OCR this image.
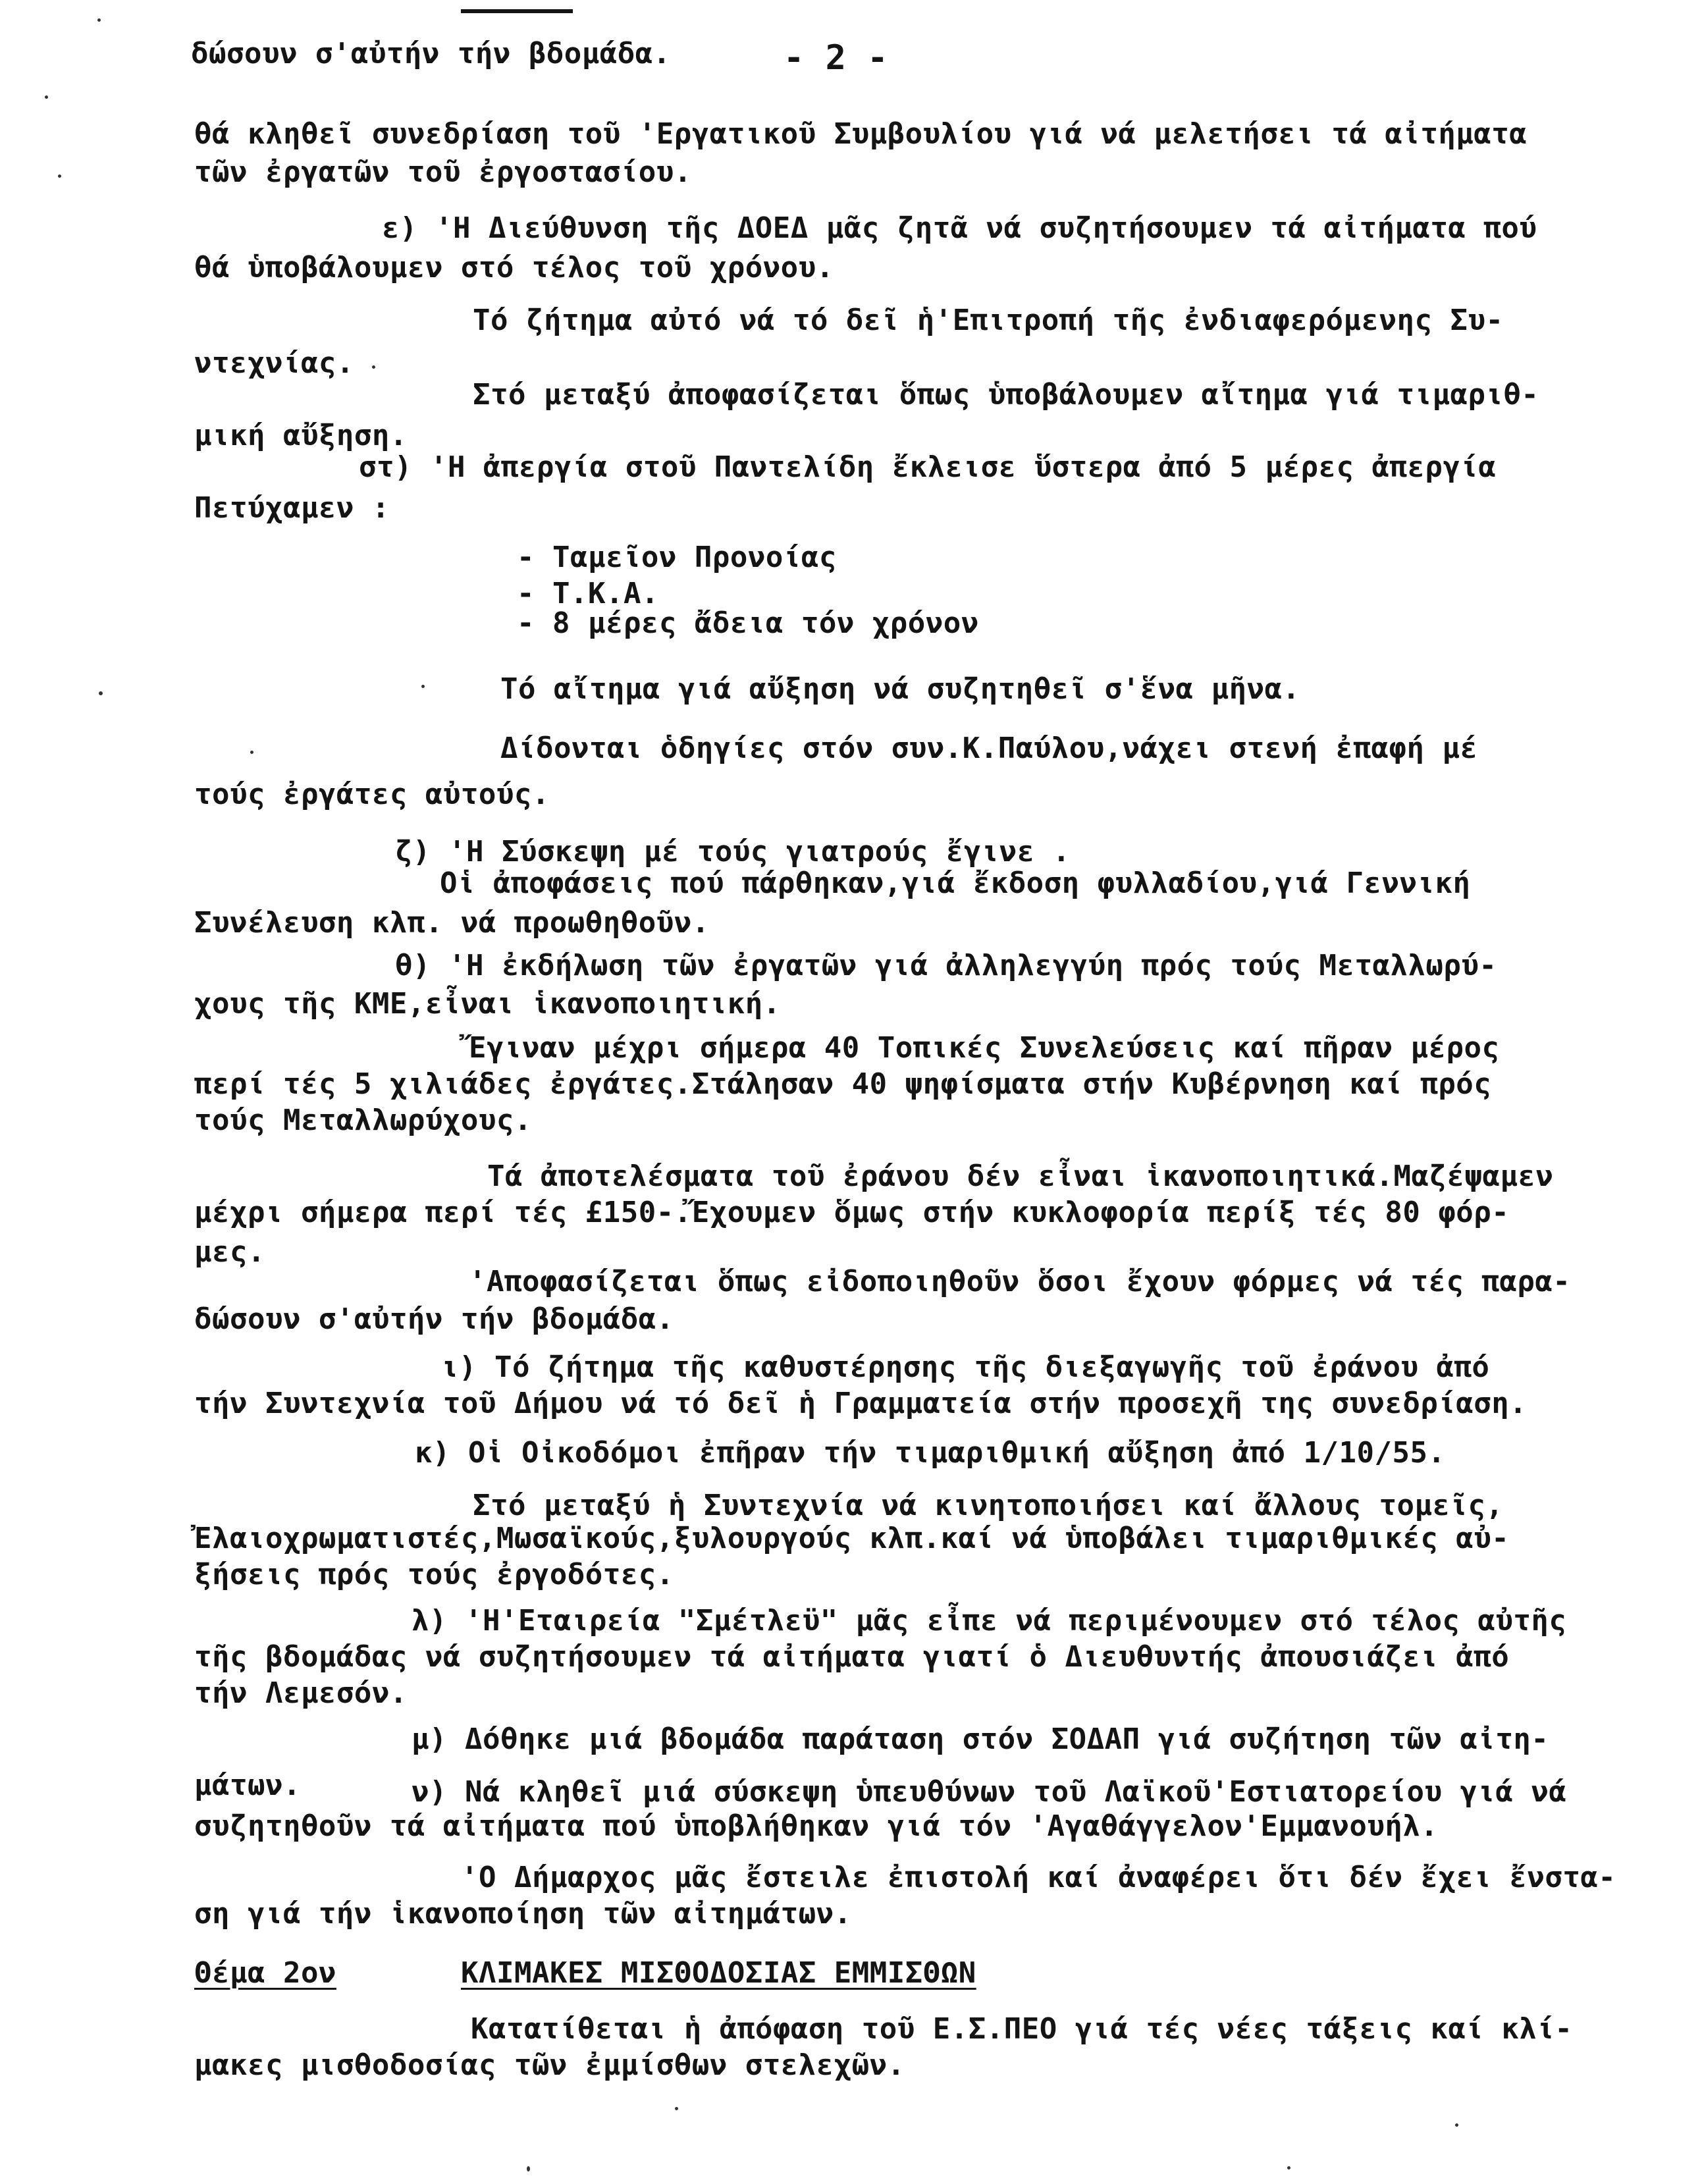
δώσουν σ'αὐτήν τήν βδομάδα.	- 2 -
θά κληθεῖ συνεδρίαση τοῦ 'Εργατικοῦ Συμβουλίου γιά νά μελετήσει τά αἰτήματα
τῶν ἐργατῶν τοῦ ἐργοστασίου.
ε) 'Η Διεύθυνση τῆς ΔΟΕΔ μᾶς ζητᾶ νά συζητήσουμεν τά αἰτήματα πού
θά ὑποβάλουμεν στό τέλος τοῦ χρόνου.
Τό ζήτημα αὐτό νά τό δεῖ ἡ'Επιτροπή τῆς ἐνδιαφερόμενης Συ-
ντεχνίας.
Στό μεταξύ ἀποφασίζεται ὅπως ὑποβάλουμεν αἴτημα γιά τιμαριθ-
μική αὔξηση.
στ) 'Η ἀπεργία στοῦ Παντελίδη ἔκλεισε ὕστερα ἀπό 5 μέρες ἀπεργία
Πετύχαμεν :
- Ταμεῖον Προνοίας
- Τ.Κ.Α.
- 8 μέρες ἄδεια τόν χρόνον
Τό αἴτημα γιά αὔξηση νά συζητηθεῖ σ'ἕνα μῆνα.
Δίδονται ὁδηγίες στόν συν.Κ.Παύλου,νάχει στενή ἐπαφή μέ
τούς ἐργάτες αὐτούς.
ζ) 'Η Σύσκεψη μέ τούς γιατρούς ἔγινε .
Οἱ ἀποφάσεις πού πάρθηκαν,γιά ἔκδοση φυλλαδίου,γιά Γεννική
Συνέλευση κλπ. νά προωθηθοῦν.
θ) 'Η ἐκδήλωση τῶν ἐργατῶν γιά ἀλληλεγγύη πρός τούς Μεταλλωρύ-
χους τῆς ΚΜΕ,εἶναι ἱκανοποιητική.
Ἔγιναν μέχρι σήμερα 40 Τοπικές Συνελεύσεις καί πῆραν μέρος
περί τές 5 χιλιάδες ἐργάτες.Στάλησαν 40 ψηφίσματα στήν Κυβέρνηση καί πρός
τούς Μεταλλωρύχους.
Τά ἀποτελέσματα τοῦ ἐράνου δέν εἶναι ἱκανοποιητικά.Μαζέψαμεν
μέχρι σήμερα περί τές £150-.Ἔχουμεν ὅμως στήν κυκλοφορία περίξ τές 80 φόρ-
μες.
'Αποφασίζεται ὅπως εἰδοποιηθοῦν ὅσοι ἔχουν φόρμες νά τές παρα-
δώσουν σ'αὐτήν τήν βδομάδα.
ι) Τό ζήτημα τῆς καθυστέρησης τῆς διεξαγωγῆς τοῦ ἐράνου ἀπό
τήν Συντεχνία τοῦ Δήμου νά τό δεῖ ἡ Γραμματεία στήν προσεχῆ της συνεδρίαση.
κ) Οἱ Οἰκοδόμοι ἐπῆραν τήν τιμαριθμική αὔξηση ἀπό 1/10/55.
Στό μεταξύ ἡ Συντεχνία νά κινητοποιήσει καί ἄλλους τομεῖς,
Ἐλαιοχρωματιστές,Μωσαϊκούς,ξυλουργούς κλπ.καί νά ὑποβάλει τιμαριθμικές αὐ-
ξήσεις πρός τούς ἐργοδότες.
λ) 'Η'Εταιρεία "Σμέτλεϋ" μᾶς εἶπε νά περιμένουμεν στό τέλος αὐτῆς
τῆς βδομάδας νά συζητήσουμεν τά αἰτήματα γιατί ὁ Διευθυντής ἀπουσιάζει ἀπό
τήν Λεμεσόν.
μ) Δόθηκε μιά βδομάδα παράταση στόν ΣΟΔΑΠ γιά συζήτηση τῶν αἰτη-
μάτων.	ν) Νά κληθεῖ μιά σύσκεψη ὑπευθύνων τοῦ Λαϊκοῦ'Εστιατορείου γιά νά
συζητηθοῦν τά αἰτήματα πού ὑποβλήθηκαν γιά τόν 'Αγαθάγγελον'Εμμανουήλ.
'Ο Δήμαρχος μᾶς ἔστειλε ἐπιστολή καί ἀναφέρει ὅτι δέν ἔχει ἔνστα-
ση γιά τήν ἱκανοποίηση τῶν αἰτημάτων.
Θέμα 2ον	ΚΛΙΜΑΚΕΣ ΜΙΣΘΟΔΟΣΙΑΣ ΕΜΜΙΣΘΩΝ
Κατατίθεται ἡ ἀπόφαση τοῦ Ε.Σ.ΠΕΟ γιά τές νέες τάξεις καί κλί-
μακες μισθοδοσίας τῶν ἐμμίσθων στελεχῶν.
